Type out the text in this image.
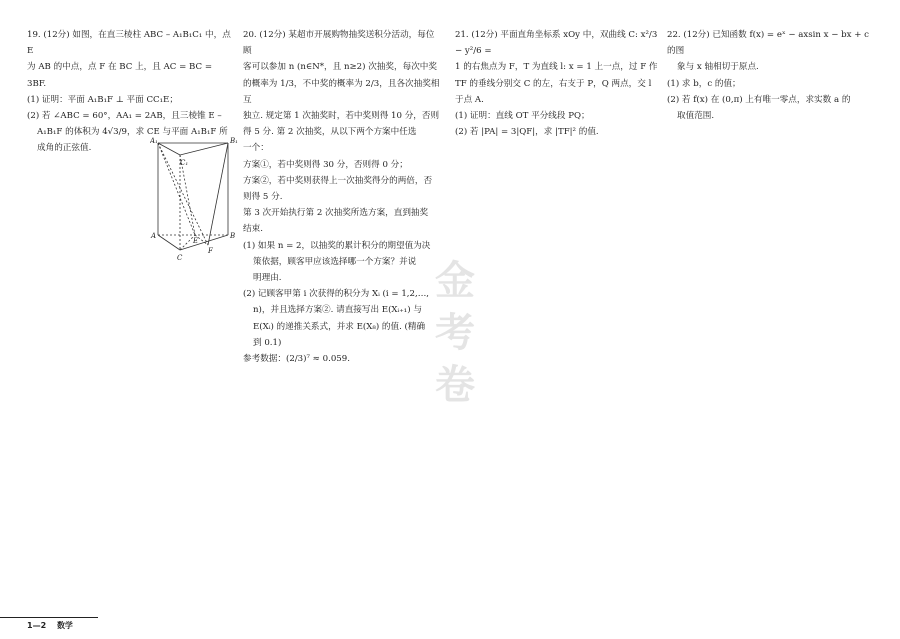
19. (12分) 如图，在直三棱柱 ABC – A₁B₁C₁ 中，点 E

为 AB 的中点，点 F 在 BC 上，且 AC = BC = 3BF.

(1) 证明：平面 A₁B₁F ⊥ 平面 CC₁E；

(2) 若 ∠ABC = 60°，AA₁ = 2AB，且三棱锥 E –

A₁B₁F 的体积为 4√3/9，求 CE 与平面 A₁B₁F 所

成角的正弦值.

A₁	B₁
C₁
A	B
C
E
F

20. (12分) 某超市开展购物抽奖送积分活动，每位顾

客可以参加 n (n∈N*，且 n≥2) 次抽奖，每次中奖

的概率为 1/3，不中奖的概率为 2/3，且各次抽奖相互

独立. 规定第 1 次抽奖时，若中奖则得 10 分，否则

得 5 分. 第 2 次抽奖，从以下两个方案中任选

一个：

方案①，若中奖则得 30 分，否则得 0 分；

方案②，若中奖则获得上一次抽奖得分的两倍，否

则得 5 分.

第 3 次开始执行第 2 次抽奖所选方案，直到抽奖

结束.

(1) 如果 n = 2，以抽奖的累计积分的期望值为决

策依据，顾客甲应该选择哪一个方案？并说

明理由.

(2) 记顾客甲第 i 次获得的积分为 Xᵢ (i = 1,2,…,

n)，并且选择方案②. 请直接写出 E(Xᵢ₊₁) 与

E(Xᵢ) 的递推关系式，并求 E(X₈) 的值. (精确

到 0.1)

参考数据：(2/3)⁷ ≈ 0.059.

21. (12分) 平面直角坐标系 xOy 中，双曲线 C: x²/3 − y²/6 =

1 的右焦点为 F，T 为直线 l: x = 1 上一点，过 F 作

TF 的垂线分别交 C 的左，右支于 P，Q 两点，交 l

于点 A.

(1) 证明：直线 OT 平分线段 PQ；

(2) 若 |PA| = 3|QF|，求 |TF|² 的值.

22. (12分) 已知函数 f(x) = eˣ − axsin x − bx + c 的图

象与 x 轴相切于原点.

(1) 求 b，c 的值；

(2) 若 f(x) 在 (0,π) 上有唯一零点，求实数 a 的

取值范围.

金
考
卷
1—2 数学
